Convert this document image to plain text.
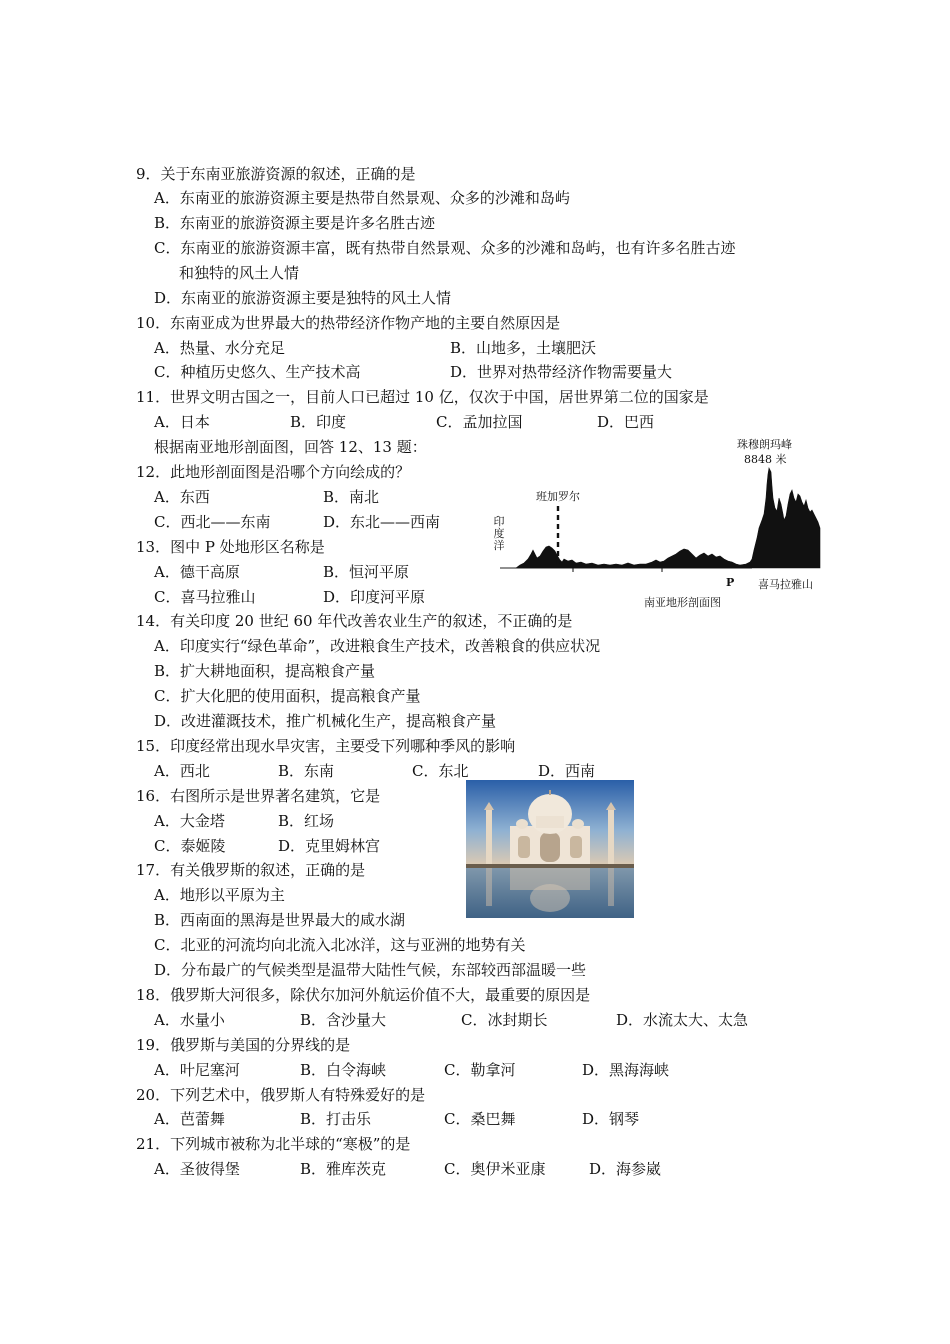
9．关于东南亚旅游资源的叙述，正确的是
A．东南亚的旅游资源主要是热带自然景观、众多的沙滩和岛屿
B．东南亚的旅游资源主要是许多名胜古迹
C．东南亚的旅游资源丰富，既有热带自然景观、众多的沙滩和岛屿，也有许多名胜古迹
和独特的风土人情
D．东南亚的旅游资源主要是独特的风土人情
10．东南亚成为世界最大的热带经济作物产地的主要自然原因是
A．热量、水分充足	B．山地多，土壤肥沃
C．种植历史悠久、生产技术高	D．世界对热带经济作物需要量大
11．世界文明古国之一，目前人口已超过 10 亿，仅次于中国，居世界第二位的国家是
A．日本	B．印度	C．孟加拉国	D．巴西
根据南亚地形剖面图，回答 12、13 题：
12．此地形剖面图是沿哪个方向绘成的？
A．东西	B．南北
C．西北——东南	D．东北——西南
13．图中 P 处地形区名称是
A．德干高原	B．恒河平原
C．喜马拉雅山	D．印度河平原
14．有关印度 20 世纪 60 年代改善农业生产的叙述，不正确的是
A．印度实行“绿色革命”，改进粮食生产技术，改善粮食的供应状况
B．扩大耕地面积，提高粮食产量
C．扩大化肥的使用面积，提高粮食产量
D．改进灌溉技术，推广机械化生产，提高粮食产量
15．印度经常出现水旱灾害，主要受下列哪种季风的影响
A．西北	B．东南	C．东北	D．西南
16．右图所示是世界著名建筑，它是
A．大金塔	B．红场
C．泰姬陵	D．克里姆林宫
17．有关俄罗斯的叙述，正确的是
A．地形以平原为主
B．西南面的黑海是世界最大的咸水湖
C．北亚的河流均向北流入北冰洋，这与亚洲的地势有关
D．分布最广的气候类型是温带大陆性气候，东部较西部温暖一些
18．俄罗斯大河很多，除伏尔加河外航运价值不大，最重要的原因是
A．水量小	B．含沙量大	C．冰封期长	D．水流太大、太急
19．俄罗斯与美国的分界线的是
A．叶尼塞河	B．白令海峡	C．勒拿河	D．黑海海峡
20．下列艺术中，俄罗斯人有特殊爱好的是
A．芭蕾舞	B．打击乐	C．桑巴舞	D．钢琴
21．下列城市被称为北半球的“寒极”的是
A．圣彼得堡	B．雅库茨克	C．奥伊米亚康	D．海参崴
珠穆朗玛峰
8848 米
班加罗尔
印度洋
P 喜马拉雅山
南亚地形剖面图
